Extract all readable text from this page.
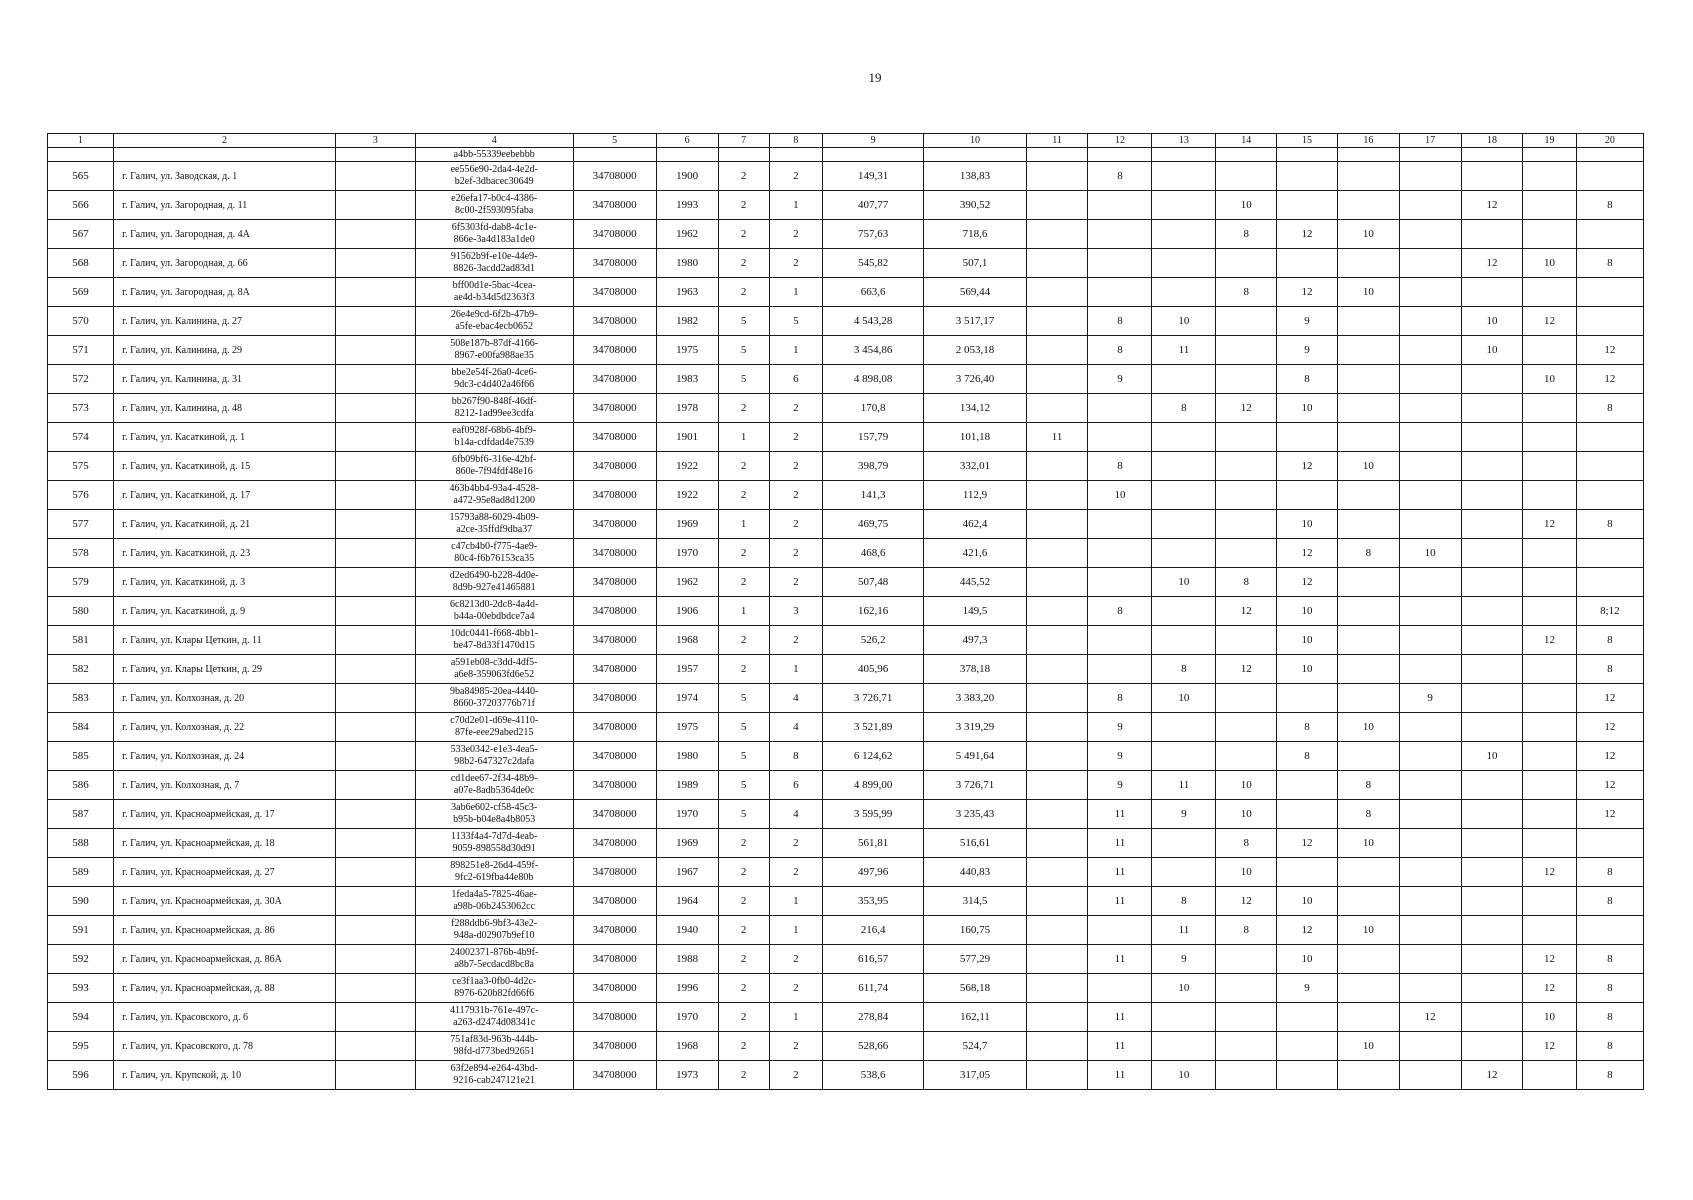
19
1	2	3	4	5	6	7	8	9	10	11	12	13	14	15	16	17	18	19	20
			a4bb-55339eebebbb																
565	г. Галич, ул. Заводская, д. 1		ee556e90-2da4-4e2d-
b2ef-3dbacec30649	34708000	1900	2	2	149,31	138,83		8								
566	г. Галич, ул. Загородная, д. 11		e26efa17-b0c4-4386-
8c00-2f593095faba	34708000	1993	2	1	407,77	390,52				10				12		8
567	г. Галич, ул. Загородная, д. 4А		6f5303fd-dab8-4c1e-
866e-3a4d183a1de0	34708000	1962	2	2	757,63	718,6				8	12	10				
568	г. Галич, ул. Загородная, д. 66		91562b9f-e10e-44e9-
8826-3acdd2ad83d1	34708000	1980	2	2	545,82	507,1								12	10	8
569	г. Галич, ул. Загородная, д. 8А		bff00d1e-5bac-4cea-
ae4d-b34d5d2363f3	34708000	1963	2	1	663,6	569,44				8	12	10				
570	г. Галич, ул. Калинина, д. 27		26e4e9cd-6f2b-47b9-
a5fe-ebac4ecb0652	34708000	1982	5	5	4 543,28	3 517,17		8	10		9			10	12	
571	г. Галич, ул. Калинина, д. 29		508e187b-87df-4166-
8967-e00fa988ae35	34708000	1975	5	1	3 454,86	2 053,18		8	11		9			10		12
572	г. Галич, ул. Калинина, д. 31		bbe2e54f-26a0-4ce6-
9dc3-c4d402a46f66	34708000	1983	5	6	4 898,08	3 726,40		9			8				10	12
573	г. Галич, ул. Калинина, д. 48		bb267f90-848f-46df-
8212-1ad99ee3cdfa	34708000	1978	2	2	170,8	134,12			8	12	10					8
574	г. Галич, ул. Касаткиной, д. 1		eaf0928f-68b6-4bf9-
b14a-cdfdad4e7539	34708000	1901	1	2	157,79	101,18	11									
575	г. Галич, ул. Касаткиной, д. 15		6fb09bf6-316e-42bf-
860e-7f94fdf48e16	34708000	1922	2	2	398,79	332,01		8			12	10				
576	г. Галич, ул. Касаткиной, д. 17		463b4bb4-93a4-4528-
a472-95e8ad8d1200	34708000	1922	2	2	141,3	112,9		10								
577	г. Галич, ул. Касаткиной, д. 21		15793a88-6029-4b09-
a2ce-35ffdf9dba37	34708000	1969	1	2	469,75	462,4					10				12	8
578	г. Галич, ул. Касаткиной, д. 23		c47cb4b0-f775-4ae9-
80c4-f6b76153ca35	34708000	1970	2	2	468,6	421,6					12	8	10			
579	г. Галич, ул. Касаткиной, д. 3		d2ed6490-b228-4d0e-
8d9b-927e41465881	34708000	1962	2	2	507,48	445,52			10	8	12					
580	г. Галич, ул. Касаткиной, д. 9		6c8213d0-2dc8-4a4d-
b44a-00ebdbdce7a4	34708000	1906	1	3	162,16	149,5		8		12	10					8;12
581	г. Галич, ул. Клары Цеткин, д. 11		10dc0441-f668-4bb1-
be47-8d33f1470d15	34708000	1968	2	2	526,2	497,3					10				12	8
582	г. Галич, ул. Клары Цеткин, д. 29		a591eb08-c3dd-4df5-
a6e8-359063fd6e52	34708000	1957	2	1	405,96	378,18			8	12	10					8
583	г. Галич, ул. Колхозная, д. 20		9ba84985-20ea-4440-
8660-37203776b71f	34708000	1974	5	4	3 726,71	3 383,20		8	10				9			12
584	г. Галич, ул. Колхозная, д. 22		c70d2e01-d69e-4110-
87fe-eee29abed215	34708000	1975	5	4	3 521,89	3 319,29		9			8	10				12
585	г. Галич, ул. Колхозная, д. 24		533e0342-e1e3-4ea5-
98b2-647327c2dafa	34708000	1980	5	8	6 124,62	5 491,64		9			8			10		12
586	г. Галич, ул. Колхозная, д. 7		cd1dee67-2f34-48b9-
a07e-8adb5364de0c	34708000	1989	5	6	4 899,00	3 726,71		9	11	10		8				12
587	г. Галич, ул. Красноармейская, д. 17		3ab6e602-cf58-45c3-
b95b-b04e8a4b8053	34708000	1970	5	4	3 595,99	3 235,43		11	9	10		8				12
588	г. Галич, ул. Красноармейская, д. 18		1133f4a4-7d7d-4eab-
9059-898558d30d91	34708000	1969	2	2	561,81	516,61		11		8	12	10				
589	г. Галич, ул. Красноармейская, д. 27		898251e8-26d4-459f-
9fc2-619fba44e80b	34708000	1967	2	2	497,96	440,83		11		10					12	8
590	г. Галич, ул. Красноармейская, д. 30А		1feda4a5-7825-46ae-
a98b-06b2453062cc	34708000	1964	2	1	353,95	314,5		11	8	12	10					8
591	г. Галич, ул. Красноармейская, д. 86		f288ddb6-9bf3-43e2-
948a-d02907b9ef10	34708000	1940	2	1	216,4	160,75			11	8	12	10				
592	г. Галич, ул. Красноармейская, д. 86А		24002371-876b-4b9f-
a8b7-5ecdacd8bc8a	34708000	1988	2	2	616,57	577,29		11	9		10				12	8
593	г. Галич, ул. Красноармейская, д. 88		ce3f1aa3-0fb0-4d2c-
8976-620b82fd66f6	34708000	1996	2	2	611,74	568,18			10		9				12	8
594	г. Галич, ул. Красовского, д. 6		4117931b-761e-497c-
a263-d2474d08341c	34708000	1970	2	1	278,84	162,11		11					12		10	8
595	г. Галич, ул. Красовского, д. 78		751af83d-963b-444b-
98fd-d773bed92651	34708000	1968	2	2	528,66	524,7		11				10			12	8
596	г. Галич, ул. Крупской, д. 10		63f2e894-e264-43bd-
9216-cab247121e21	34708000	1973	2	2	538,6	317,05		11	10					12		8
